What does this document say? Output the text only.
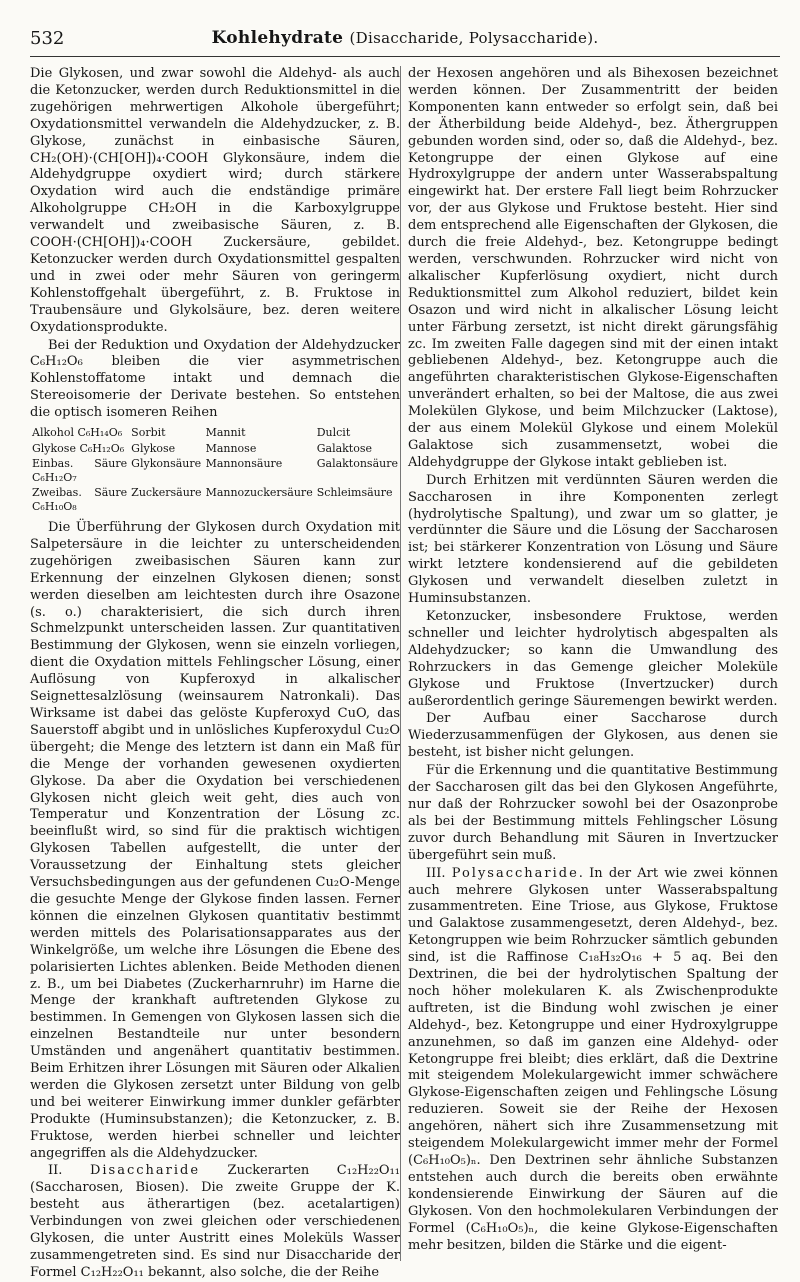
532	Kohlehydrate (Disaccharide, Polysaccharide).

Die Glykosen, und zwar sowohl die Aldehyd- als auch die Ketonzucker, werden durch Reduktionsmittel in die zugehörigen mehrwertigen Alkohole übergeführt; Oxydationsmittel verwandeln die Aldehydzucker, z. B. Glykose, zunächst in einbasische Säuren, CH₂(OH)·(CH[OH])₄·COOH Glykonsäure, indem die Aldehydgruppe oxydiert wird; durch stärkere Oxydation wird auch die endständige primäre Alkoholgruppe CH₂OH in die Karboxylgruppe verwandelt und zweibasische Säuren, z. B. COOH·(CH[OH])₄·COOH Zuckersäure, gebildet. Ketonzucker werden durch Oxydationsmittel gespalten und in zwei oder mehr Säuren von geringerm Kohlenstoffgehalt übergeführt, z. B. Fruktose in Traubensäure und Glykolsäure, bez. deren weitere Oxydationsprodukte.

Bei der Reduktion und Oxydation der Aldehydzucker C₆H₁₂O₆ bleiben die vier asymmetrischen Kohlenstoffatome intakt und demnach die Stereoisomerie der Derivate bestehen. So entstehen die optisch isomeren Reihen

Alkohol C₆H₁₄O₆	Sorbit	Mannit	Dulcit
Glykose C₆H₁₂O₆	Glykose	Mannose	Galaktose
Einbas. Säure C₆H₁₂O₇	Glykonsäure	Mannonsäure	Galaktonsäure
Zweibas. Säure C₆H₁₀O₈	Zuckersäure	Mannozuckersäure	Schleimsäure

Die Überführung der Glykosen durch Oxydation mit Salpetersäure in die leichter zu unterscheidenden zugehörigen zweibasischen Säuren kann zur Erkennung der einzelnen Glykosen dienen; sonst werden dieselben am leichtesten durch ihre Osazone (s. o.) charakterisiert, die sich durch ihren Schmelzpunkt unterscheiden lassen. Zur quantitativen Bestimmung der Glykosen, wenn sie einzeln vorliegen, dient die Oxydation mittels Fehlingscher Lösung, einer Auflösung von Kupferoxyd in alkalischer Seignettesalzlösung (weinsaurem Natronkali). Das Wirksame ist dabei das gelöste Kupferoxyd CuO, das Sauerstoff abgibt und in unlösliches Kupferoxydul Cu₂O übergeht; die Menge des letztern ist dann ein Maß für die Menge der vorhanden gewesenen oxydierten Glykose. Da aber die Oxydation bei verschiedenen Glykosen nicht gleich weit geht, dies auch von Temperatur und Konzentration der Lösung zc. beeinflußt wird, so sind für die praktisch wichtigen Glykosen Tabellen aufgestellt, die unter der Voraussetzung der Einhaltung stets gleicher Versuchsbedingungen aus der gefundenen Cu₂O-Menge die gesuchte Menge der Glykose finden lassen. Ferner können die einzelnen Glykosen quantitativ bestimmt werden mittels des Polarisationsapparates aus der Winkelgröße, um welche ihre Lösungen die Ebene des polarisierten Lichtes ablenken. Beide Methoden dienen z. B., um bei Diabetes (Zuckerharnruhr) im Harne die Menge der krankhaft auftretenden Glykose zu bestimmen. In Gemengen von Glykosen lassen sich die einzelnen Bestandteile nur unter besondern Umständen und angenähert quantitativ bestimmen. Beim Erhitzen ihrer Lösungen mit Säuren oder Alkalien werden die Glykosen zersetzt unter Bildung von gelb und bei weiterer Einwirkung immer dunkler gefärbter Produkte (Huminsubstanzen); die Ketonzucker, z. B. Fruktose, werden hierbei schneller und leichter angegriffen als die Aldehydzucker.

II. Disaccharide Zuckerarten C₁₂H₂₂O₁₁ (Saccharosen, Biosen). Die zweite Gruppe der K. besteht aus ätherartigen (bez. acetalartigen) Verbindungen von zwei gleichen oder verschiedenen Glykosen, die unter Austritt eines Moleküls Wasser zusammengetreten sind. Es sind nur Disaccharide der Formel C₁₂H₂₂O₁₁ bekannt, also solche, die der Reihe

der Hexosen angehören und als Bihexosen bezeichnet werden können. Der Zusammentritt der beiden Komponenten kann entweder so erfolgt sein, daß bei der Ätherbildung beide Aldehyd-, bez. Äthergruppen gebunden worden sind, oder so, daß die Aldehyd-, bez. Ketongruppe der einen Glykose auf eine Hydroxylgruppe der andern unter Wasserabspaltung eingewirkt hat. Der erstere Fall liegt beim Rohrzucker vor, der aus Glykose und Fruktose besteht. Hier sind dem entsprechend alle Eigenschaften der Glykosen, die durch die freie Aldehyd-, bez. Ketongruppe bedingt werden, verschwunden. Rohrzucker wird nicht von alkalischer Kupferlösung oxydiert, nicht durch Reduktionsmittel zum Alkohol reduziert, bildet kein Osazon und wird nicht in alkalischer Lösung leicht unter Färbung zersetzt, ist nicht direkt gärungsfähig zc. Im zweiten Falle dagegen sind mit der einen intakt gebliebenen Aldehyd-, bez. Ketongruppe auch die angeführten charakteristischen Glykose-Eigenschaften unverändert erhalten, so bei der Maltose, die aus zwei Molekülen Glykose, und beim Milchzucker (Laktose), der aus einem Molekül Glykose und einem Molekül Galaktose sich zusammensetzt, wobei die Aldehydgruppe der Glykose intakt geblieben ist.

Durch Erhitzen mit verdünnten Säuren werden die Saccharosen in ihre Komponenten zerlegt (hydrolytische Spaltung), und zwar um so glatter, je verdünnter die Säure und die Lösung der Saccharosen ist; bei stärkerer Konzentration von Lösung und Säure wirkt letztere kondensierend auf die gebildeten Glykosen und verwandelt dieselben zuletzt in Huminsubstanzen.

Ketonzucker, insbesondere Fruktose, werden schneller und leichter hydrolytisch abgespalten als Aldehydzucker; so kann die Umwandlung des Rohrzuckers in das Gemenge gleicher Moleküle Glykose und Fruktose (Invertzucker) durch außerordentlich geringe Säuremengen bewirkt werden.

Der Aufbau einer Saccharose durch Wiederzusammenfügen der Glykosen, aus denen sie besteht, ist bisher nicht gelungen.

Für die Erkennung und die quantitative Bestimmung der Saccharosen gilt das bei den Glykosen Angeführte, nur daß der Rohrzucker sowohl bei der Osazonprobe als bei der Bestimmung mittels Fehlingscher Lösung zuvor durch Behandlung mit Säuren in Invertzucker übergeführt sein muß.

III. Polysaccharide. In der Art wie zwei können auch mehrere Glykosen unter Wasserabspaltung zusammentreten. Eine Triose, aus Glykose, Fruktose und Galaktose zusammengesetzt, deren Aldehyd-, bez. Ketongruppen wie beim Rohrzucker sämtlich gebunden sind, ist die Raffinose C₁₈H₃₂O₁₆ + 5 aq. Bei den Dextrinen, die bei der hydrolytischen Spaltung der noch höher molekularen K. als Zwischenprodukte auftreten, ist die Bindung wohl zwischen je einer Aldehyd-, bez. Ketongruppe und einer Hydroxylgruppe anzunehmen, so daß im ganzen eine Aldehyd- oder Ketongruppe frei bleibt; dies erklärt, daß die Dextrine mit steigendem Molekulargewicht immer schwächere Glykose-Eigenschaften zeigen und Fehlingsche Lösung reduzieren. Soweit sie der Reihe der Hexosen angehören, nähert sich ihre Zusammensetzung mit steigendem Molekulargewicht immer mehr der Formel (C₆H₁₀O₅)ₙ. Den Dextrinen sehr ähnliche Substanzen entstehen auch durch die bereits oben erwähnte kondensierende Einwirkung der Säuren auf die Glykosen. Von den hochmolekularen Verbindungen der Formel (C₆H₁₀O₅)ₙ, die keine Glykose-Eigenschaften mehr besitzen, bilden die Stärke und die eigent-
